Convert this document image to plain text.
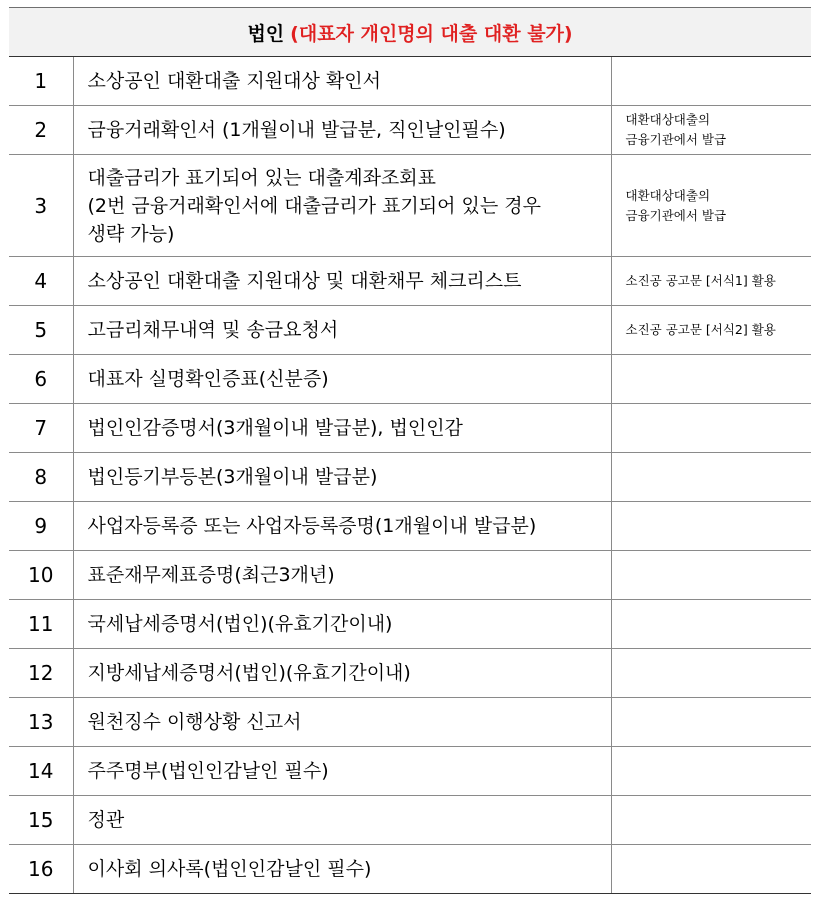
법인 (대표자 개인명의 대출 대환 불가)		
1	소상공인 대환대출 지원대상 확인서	
2	금융거래확인서 (1개월이내 발급분, 직인날인필수)	대환대상대출의
금융기관에서 발급
3	대출금리가 표기되어 있는 대출계좌조회표
(2번 금융거래확인서에 대출금리가 표기되어 있는 경우
생략 가능)	대환대상대출의
금융기관에서 발급
4	소상공인 대환대출 지원대상 및 대환채무 체크리스트	소진공 공고문 [서식1] 활용
5	고금리채무내역 및 송금요청서	소진공 공고문 [서식2] 활용
6	대표자 실명확인증표(신분증)	
7	법인인감증명서(3개월이내 발급분), 법인인감	
8	법인등기부등본(3개월이내 발급분)	
9	사업자등록증 또는 사업자등록증명(1개월이내 발급분)	
10	표준재무제표증명(최근3개년)	
11	국세납세증명서(법인)(유효기간이내)	
12	지방세납세증명서(법인)(유효기간이내)	
13	원천징수 이행상황 신고서	
14	주주명부(법인인감날인 필수)	
15	정관	
16	이사회 의사록(법인인감날인 필수)	
